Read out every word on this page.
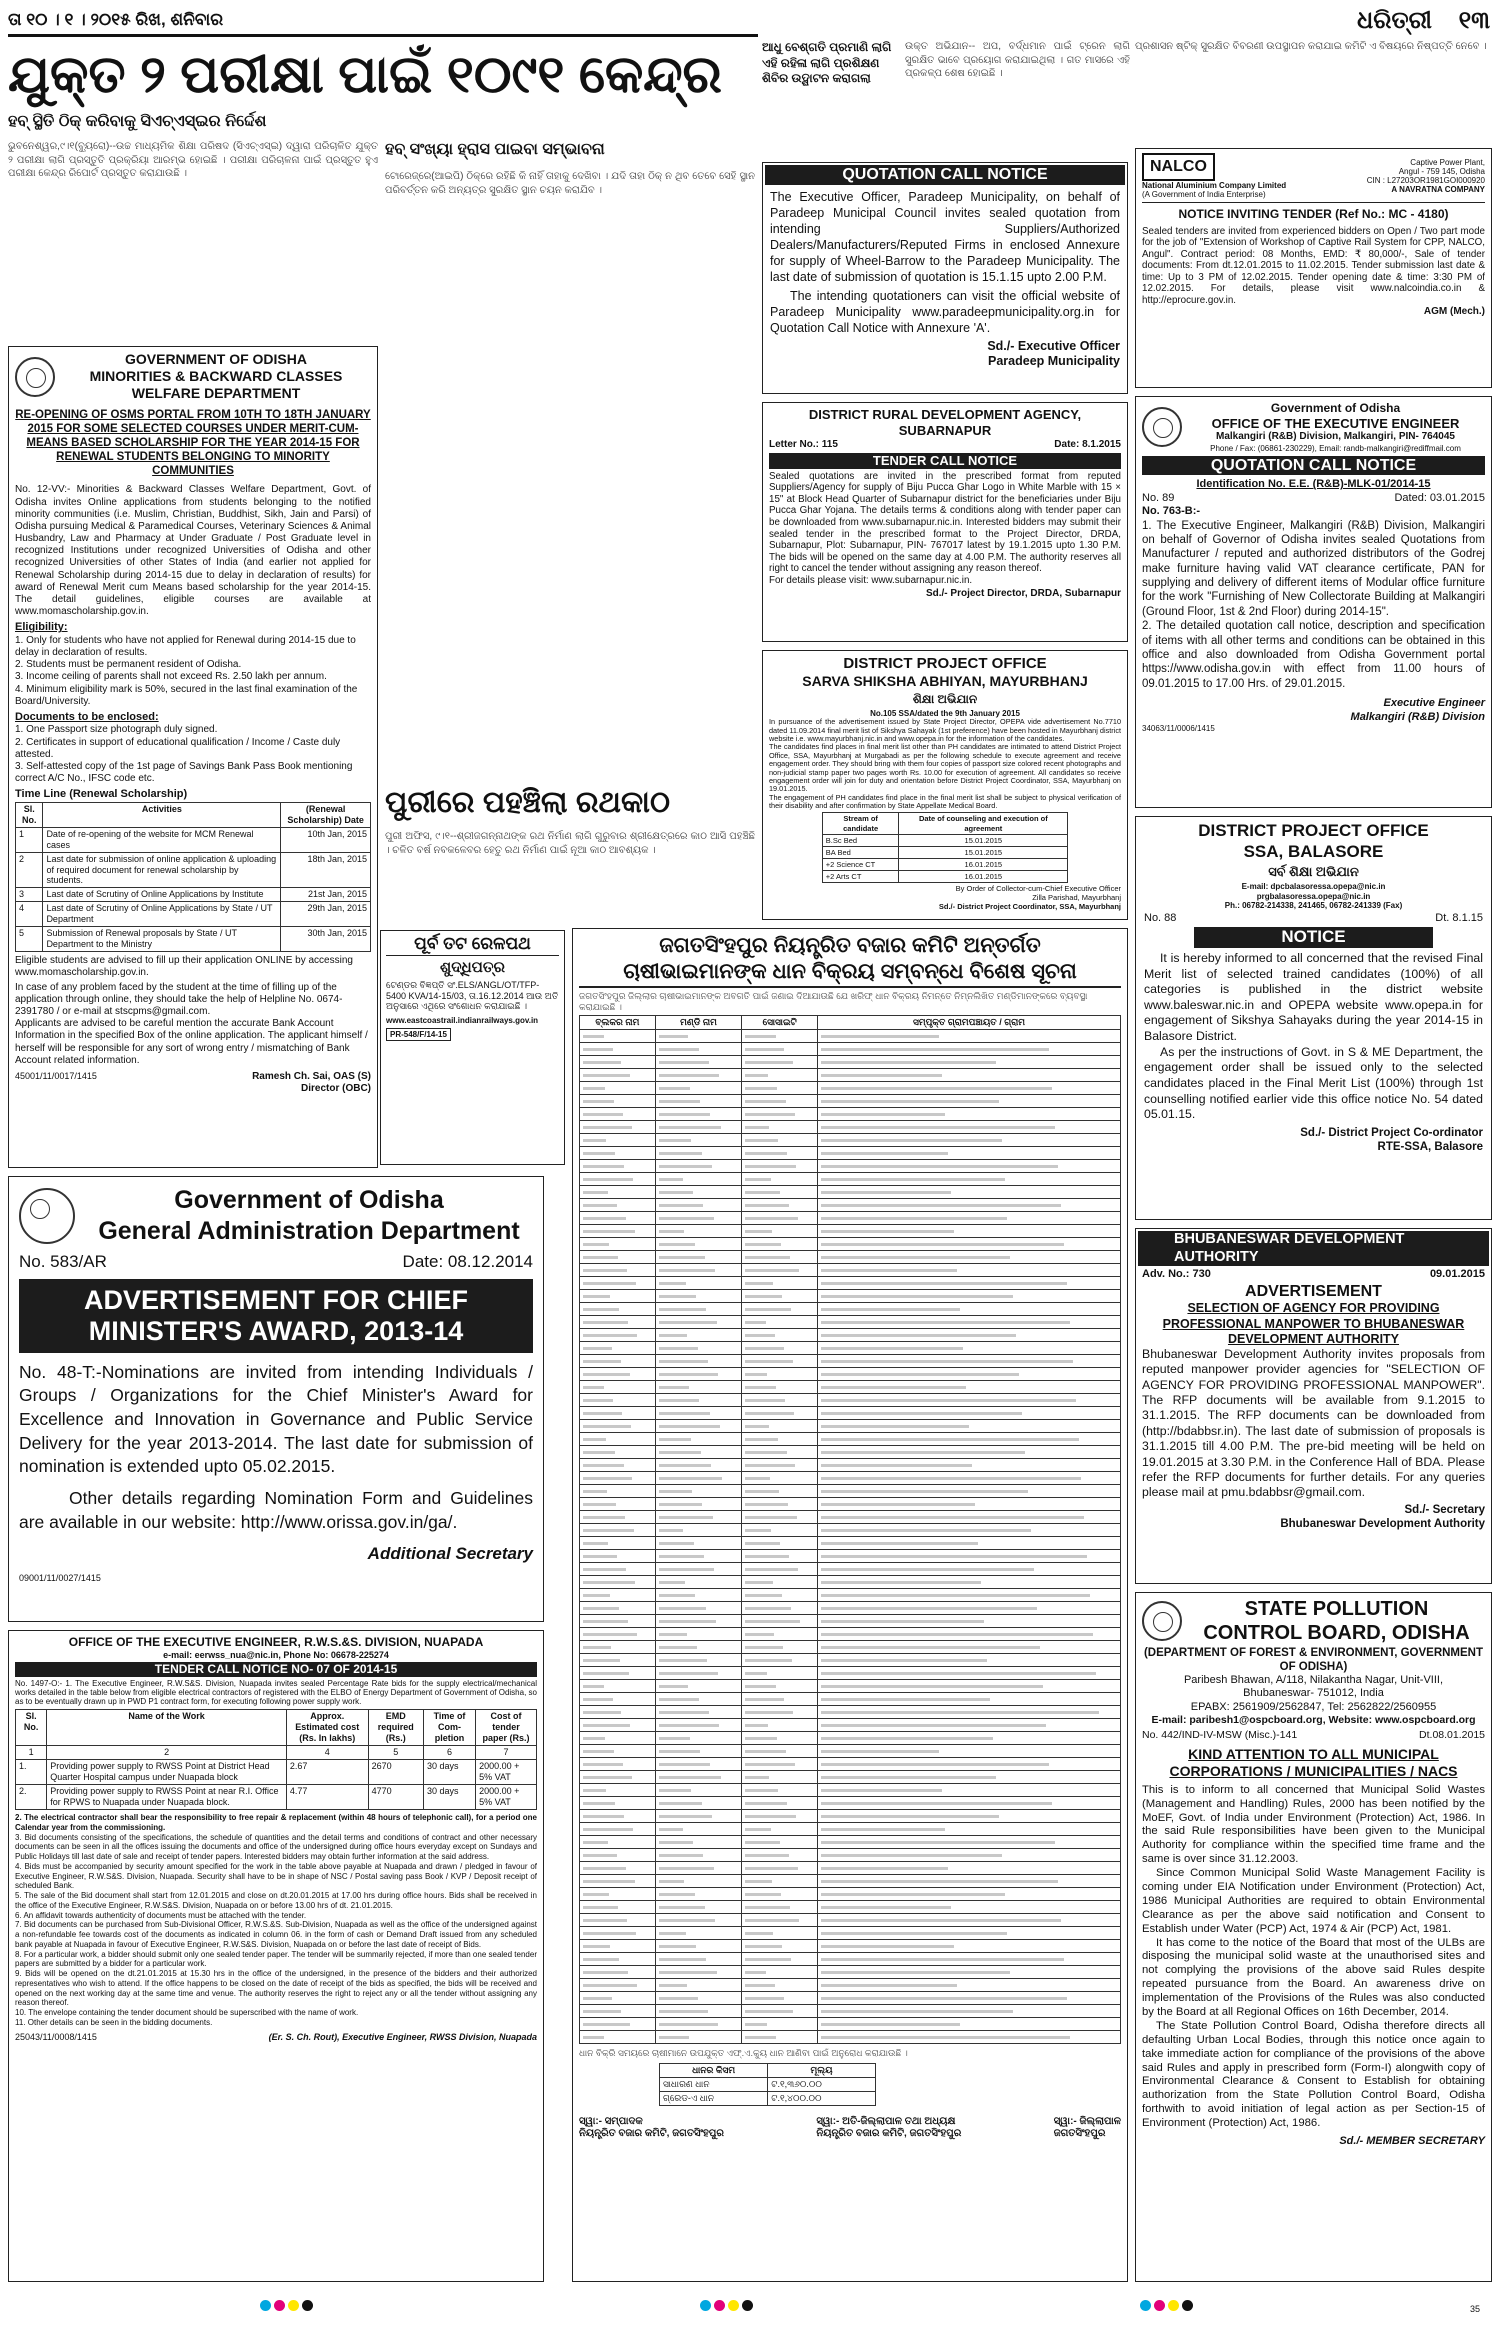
ତା ୧୦ । ୧ । ୨୦୧୫ ରିଖ, ଶନିବାର	ଧରିତ୍ରୀ ୧୩
ଯୁକ୍ତ ୨ ପରୀକ୍ଷା ପାଇଁ ୧୦୯୧ କେନ୍ଦ୍ର
ହବ୍ ସ୍ଥିତି ଠିକ୍ କରିବାକୁ ସିଏଚ୍ଏସ୍ଇର ନିର୍ଦ୍ଦେଶ
ଭୁବନେଶ୍ୱର,୯।୧(ବ୍ୟୁରୋ)--ଉଚ୍ଚ ମାଧ୍ୟମିକ ଶିକ୍ଷା ପରିଷଦ (ସିଏଚ୍ଏସ୍ଇ) ଦ୍ୱାରା ପରିଚାଳିତ ଯୁକ୍ତ ୨ ପରୀକ୍ଷା ଲାଗି ପ୍ରସ୍ତୁତି ପ୍ରକ୍ରିୟା ଆରମ୍ଭ ହୋଇଛି । ପରୀକ୍ଷା ପରିଚାଳନା ପାଇଁ ପ୍ରସ୍ତୁତ ହୁଏ ପରୀକ୍ଷା କେନ୍ଦ୍ର ରିପୋର୍ଟ ପ୍ରସ୍ତୁତ କରାଯାଉଛି ।
ହବ୍ ସଂଖ୍ୟା ହ୍ରାସ ପାଇବା ସମ୍ଭାବନା
GOVERNMENT OF ODISHA
MINORITIES & BACKWARD CLASSES
WELFARE DEPARTMENT
RE-OPENING OF OSMS PORTAL FROM 10TH TO 18TH JANUARY 2015 FOR SOME SELECTED COURSES UNDER MERIT-CUM-MEANS BASED SCHOLARSHIP FOR THE YEAR 2014-15 FOR RENEWAL STUDENTS BELONGING TO MINORITY COMMUNITIES
No. 12-VV:- Minorities & Backward Classes Welfare Department, Govt. of Odisha invites Online applications from students belonging to the notified minority communities (i.e. Muslim, Christian, Buddhist, Sikh, Jain and Parsi) of Odisha pursuing Medical & Paramedical Courses, Veterinary Sciences & Animal Husbandry, Law and Pharmacy at Under Graduate / Post Graduate level in recognized Institutions under recognized Universities of Odisha and other recognized Universities of other States of India (and earlier not applied for Renewal Scholarship during 2014-15 due to delay in declaration of results) for award of Renewal Merit cum Means based scholarship for the year 2014-15. The detail guidelines, eligible courses are available at www.momascholarship.gov.in.
Eligibility:
1. Only for students who have not applied for Renewal during 2014-15 due to delay in declaration of results.
2. Students must be permanent resident of Odisha.
3. Income ceiling of parents shall not exceed Rs. 2.50 lakh per annum.
4. Minimum eligibility mark is 50%, secured in the last final examination of the Board/University.
Documents to be enclosed:
1. One Passport size photograph duly signed.
2. Certificates in support of educational qualification / Income / Caste duly attested.
3. Self-attested copy of the 1st page of Savings Bank Pass Book mentioning correct A/C No., IFSC code etc.
Time Line (Renewal Scholarship)
Sl. No.	Activities	(Renewal Scholarship) Date
1	Date of re-opening of the website for MCM Renewal cases	10th Jan, 2015
2	Last date for submission of online application & uploading of required document for renewal scholarship by students.	18th Jan, 2015
3	Last date of Scrutiny of Online Applications by Institute	21st Jan, 2015
4	Last date of Scrutiny of Online Applications by State / UT Department	29th Jan, 2015
5	Submission of Renewal proposals by State / UT Department to the Ministry	30th Jan, 2015
Eligible students are advised to fill up their application ONLINE by accessing www.momascholarship.gov.in.
In case of any problem faced by the student at the time of filling up of the application through online, they should take the help of Helpline No. 0674-2391780 / or e-mail at stscpms@gmail.com.
Applicants are advised to be careful mention the accurate Bank Account Information in the specified Box of the online application. The applicant himself / herself will be responsible for any sort of wrong entry / mismatching of Bank Account related information.
45001/11/0017/1415	Ramesh Ch. Sai, OAS (S)
Director (OBC)
ଟୋରେଜ୍‌ରେ(ଆଇପି) ଠିକ୍‌ରେ ରହିଛି କି ନାହିଁ ତାହାକୁ ଦେଖିବା । ଯଦି ତାହା ଠିକ୍ ନ ଥିବ ତେବେ ସେହି ସ୍ଥାନ ପରିବର୍ତ୍ତନ କରି ଅନ୍ୟତ୍ର ସୁରକ୍ଷିତ ସ୍ଥାନ ଚୟନ କରାଯିବ ।
ପୁରୀରେ ପହଞ୍ଚିଲା ରଥକାଠ
ପୁରୀ ଅଫିସ, ୯।୧--ଶ୍ରୀଜଗନ୍ନାଥଙ୍କ ରଥ ନିର୍ମାଣ ଲାଗି ଗୁରୁବାର ଶ୍ରୀକ୍ଷେତ୍ରରେ କାଠ ଆସି ପହଞ୍ଚିଛି । ଚଳିତ ବର୍ଷ ନବକଳେବର ହେତୁ ରଥ ନିର୍ମାଣ ପାଇଁ ନୂଆ କାଠ ଆବଶ୍ୟକ ।
Government of Odisha
General Administration Department
No. 583/AR	Date: 08.12.2014
ADVERTISEMENT FOR CHIEF MINISTER'S AWARD, 2013-14
No. 48-T:-Nominations are invited from intending Individuals / Groups / Organizations for the Chief Minister's Award for Excellence and Innovation in Governance and Public Service Delivery for the year 2013-2014. The last date for submission of nomination is extended upto 05.02.2015.
Other details regarding Nomination Form and Guidelines are available in our website: http://www.orissa.gov.in/ga/.
Additional Secretary
09001/11/0027/1415
OFFICE OF THE EXECUTIVE ENGINEER, R.W.S.&S. DIVISION, NUAPADA
e-mail: eerwss_nua@nic.in, Phone No: 06678-225274
TENDER CALL NOTICE NO- 07 OF 2014-15
No. 1497-O:- 1. The Executive Engineer, R.W.S&S. Division, Nuapada invites sealed Percentage Rate bids for the supply electrical/mechanical works detailed in the table below from eligible electrical contractors of registered with the ELBO of Energy Department of Government of Odisha, so as to be eventually drawn up in PWD P1 contract form, for executing following power supply work.
Sl. No.	Name of the Work	Approx. Estimated cost (Rs. In lakhs)	EMD required (Rs.)	Time of Com-pletion	Cost of tender paper (Rs.)
1	2	4	5	6	7
1.	Providing power supply to RWSS Point at District Head Quarter Hospital campus under Nuapada block	2.67	2670	30 days	2000.00 + 5% VAT
2.	Providing power supply to RWSS Point at near R.I. Office for RPWS to Nuapada under Nuapada block.	4.77	4770	30 days	2000.00 + 5% VAT
2. The electrical contractor shall bear the responsibility to free repair & replacement (within 48 hours of telephonic call), for a period one Calendar year from the commissioning.
3. Bid documents consisting of the specifications, the schedule of quantities and the detail terms and conditions of contract and other necessary documents can be seen in all the offices issuing the documents and office of the undersigned during office hours everyday except on Sundays and Public Holidays till last date of sale and receipt of tender papers. Interested bidders may obtain further information at the said address.
4. Bids must be accompanied by security amount specified for the work in the table above payable at Nuapada and drawn / pledged in favour of Executive Engineer, R.W.S&S. Division, Nuapada. Security shall have to be in shape of NSC / Postal saving pass Book / KVP / Deposit receipt of scheduled Bank.
5. The sale of the Bid document shall start from 12.01.2015 and close on dt.20.01.2015 at 17.00 hrs during office hours. Bids shall be received in the office of the Executive Engineer, R.W.S&S. Division, Nuapada on or before 13.00 hrs of dt. 21.01.2015.
6. An affidavit towards authenticity of documents must be attached with the tender.
7. Bid documents can be purchased from Sub-Divisional Officer, R.W.S.&S. Sub-Division, Nuapada as well as the office of the undersigned against a non-refundable fee towards cost of the documents as indicated in column 06. in the form of cash or Demand Draft issued from any scheduled bank payable at Nuapada in favour of Executive Engineer, R.W.S&S. Division, Nuapada on or before the last date of receipt of Bids.
8. For a particular work, a bidder should submit only one sealed tender paper. The tender will be summarily rejected, if more than one sealed tender papers are submitted by a bidder for a particular work.
9. Bids will be opened on the dt.21.01.2015 at 15.30 hrs in the office of the undersigned, in the presence of the bidders and their authorized representatives who wish to attend. If the office happens to be closed on the date of receipt of the bids as specified, the bids will be received and opened on the next working day at the same time and venue. The authority reserves the right to reject any or all the tender without assigning any reason thereof.
10. The envelope containing the tender document should be superscribed with the name of work.
11. Other details can be seen in the bidding documents.
25043/11/0008/1415	(Er. S. Ch. Rout), Executive Engineer, RWSS Division, Nuapada
ଆଧୁ ବେଶ୍ଗତି ପ୍ରମାଣି ଲାଗି ଏହି ରହିଳା ଲାଗି ପ୍ରଶିକ୍ଷଣ ଶିବିର ଉଦ୍ଘାଟନ କରାଗଲା
ଉକ୍ତ ଅଭିଯାନ-- ଅପ, ବର୍ଦ୍ଧମାନ ପାଇଁ ଟ୍ରେନ ଲାଗି ସୁରକ୍ଷିତ ଭାବେ ପ୍ରୟୋଗ କରାଯାଇଥିଲା । ଗତ ମାସରେ ଏହି ପ୍ରକଳ୍ପ ଶେଷ ହୋଇଛି ।
QUOTATION CALL NOTICE
The Executive Officer, Paradeep Municipality, on behalf of Paradeep Municipal Council invites sealed quotation from intending Suppliers/Authorized Dealers/Manufacturers/Reputed Firms in enclosed Annexure for supply of Wheel-Barrow to the Paradeep Municipality. The last date of submission of quotation is 15.1.15 upto 2.00 P.M.
The intending quotationers can visit the official website of Paradeep Municipality www.paradeepmunicipality.org.in for Quotation Call Notice with Annexure 'A'.
Sd./- Executive Officer
Paradeep Municipality
DISTRICT RURAL DEVELOPMENT AGENCY, SUBARNAPUR
Letter No.: 115	Date: 8.1.2015
TENDER CALL NOTICE
Sealed quotations are invited in the prescribed format from reputed Suppliers/Agency for supply of Biju Pucca Ghar Logo in White Marble with 15 × 15" at Block Head Quarter of Subarnapur district for the beneficiaries under Biju Pucca Ghar Yojana. The details terms & conditions along with tender paper can be downloaded from www.subarnapur.nic.in. Interested bidders may submit their sealed tender in the prescribed format to the Project Director, DRDA, Subarnapur, Plot: Subarnapur, PIN- 767017 latest by 19.1.2015 upto 1.30 P.M. The bids will be opened on the same day at 4.00 P.M. The authority reserves all right to cancel the tender without assigning any reason thereof.
For details please visit: www.subarnapur.nic.in.
Sd./- Project Director, DRDA, Subarnapur
DISTRICT PROJECT OFFICE
SARVA SHIKSHA ABHIYAN, MAYURBHANJ
ଶିକ୍ଷା ଅଭିଯାନ
No.105 SSA/dated the 9th January 2015
In pursuance of the advertisement issued by State Project Director, OPEPA vide advertisement No.7710 dated 11.09.2014 final merit list of Sikshya Sahayak (1st preference) have been hosted in Mayurbhanj district website i.e. www.mayurbhanj.nic.in and www.opepa.in for the information of the candidates.
The candidates find places in final merit list other than PH candidates are intimated to attend District Project Office, SSA, Mayurbhanj at Murgabadi as per the following schedule to execute agreement and receive engagement order. They should bring with them four copies of passport size colored recent photographs and non-judicial stamp paper two pages worth Rs. 10.00 for execution of agreement. All candidates so receive engagement order will join for duty and orientation before District Project Coordinator, SSA, Mayurbhanj on 19.01.2015.
The engagement of PH candidates find place in the final merit list shall be subject to physical verification of their disability and after confirmation by State Appellate Medical Board.
Stream of candidate	Date of counseling and execution of agreement
B.Sc Bed	15.01.2015
BA Bed	15.01.2015
+2 Science CT	16.01.2015
+2 Arts CT	16.01.2015
By Order of Collector-cum-Chief Executive Officer
Zilla Parishad, Mayurbhanj
Sd./- District Project Coordinator, SSA, Mayurbhanj
ପୂର୍ବ ତଟ ରେଳପଥ
ଶୁଦ୍ଧିପତ୍ର
ଟେଣ୍ଡର ବିଜ୍ଞପ୍ତି ସଂ.ELS/ANGL/OT/TFP-5400 KVA/14-15/03, ତା.16.12.2014 ଆଉ ଅତି ଅନୁସାରେ ଏଥିରେ ସଂଶୋଧନ କରାଯାଇଛି ।
www.eastcoastrail.indianrailways.gov.in
PR-548/F/14-15
ଜଗତସିଂହପୁର ନିୟନ୍ତ୍ରିତ ବଜାର କମିଟି ଅନ୍ତର୍ଗତ
ଚାଷୀଭାଇମାନଙ୍କ ଧାନ ବିକ୍ରୟ ସମ୍ବନ୍ଧେ ବିଶେଷ ସୂଚନା
ଜଗତସିଂହପୁର ଜିଲ୍ଲାର ଚାଷୀଭାଇମାନଙ୍କ ଅବଗତି ପାଇଁ ଜଣାଇ ଦିଆଯାଉଛି ଯେ ଖରିଫ୍ ଧାନ ବିକ୍ରୟ ନିମନ୍ତେ ନିମ୍ନଲିଖିତ ମଣ୍ଡିମାନଙ୍କରେ ବ୍ୟବସ୍ଥା କରାଯାଇଛି ।
ବ୍ଲକର ନାମ	ମଣ୍ଡି ନାମ	ସୋସାଇଟି	ସମ୍ପୃକ୍ତ ଗ୍ରାମପଞ୍ଚାୟତ / ଗ୍ରାମ

ଧାନ ବିକ୍ରି ସମୟରେ ଚାଷୀମାନେ ଉପଯୁକ୍ତ ଏଫ୍.ଏ.କ୍ୟୁ ଧାନ ଆଣିବା ପାଇଁ ଅନୁରୋଧ କରାଯାଉଛି ।
ଧାନର କିସମ	ମୂଲ୍ୟ
ସାଧାରଣ ଧାନ	ଟ.୧,୩୬୦.୦୦
ଗ୍ରେଡ-ଏ ଧାନ	ଟ.୧,୪୦୦.୦୦
ସ୍ୱା:- ସମ୍ପାଦକ
ନିୟନ୍ତ୍ରିତ ବଜାର କମିଟି, ଜଗତସିଂହପୁର
ସ୍ୱା:- ଅତି-ଜିଲ୍ଲାପାଳ ତଥା ଅଧ୍ୟକ୍ଷ
ନିୟନ୍ତ୍ରିତ ବଜାର କମିଟି, ଜଗତସିଂହପୁର
ସ୍ୱା:- ଜିଲ୍ଲାପାଳ
ଜଗତସିଂହପୁର
ପ୍ରଶାସନ ଷ୍ଟିକ୍ ସୁରକ୍ଷିତ ବିବରଣୀ ଉପସ୍ଥାପନ କରାଯାଇ କମିଟି ଏ ବିଷୟରେ ନିଷ୍ପତ୍ତି ନେବେ ।
NALCO
National Aluminium Company Limited
(A Government of India Enterprise)
Captive Power Plant,
Angul - 759 145, Odisha
CIN : L27203OR1981GOI000920
A NAVRATNA COMPANY
NOTICE INVITING TENDER (Ref No.: MC - 4180)
Sealed tenders are invited from experienced bidders on Open / Two part mode for the job of "Extension of Workshop of Captive Rail System for CPP, NALCO, Angul". Contract period: 08 Months, EMD: ₹ 80,000/-, Sale of tender documents: From dt.12.01.2015 to 11.02.2015. Tender submission last date & time: Up to 3 PM of 12.02.2015. Tender opening date & time: 3:30 PM of 12.02.2015. For details, please visit www.nalcoindia.co.in & http://eprocure.gov.in.
AGM (Mech.)
Government of Odisha
OFFICE OF THE EXECUTIVE ENGINEER
Malkangiri (R&B) Division, Malkangiri, PIN- 764045
Phone / Fax: (06861-230229), Email: randb-malkangiri@rediffmail.com
QUOTATION CALL NOTICE
Identification No. E.E. (R&B)-MLK-01/2014-15
No. 89	Dated: 03.01.2015
No. 763-B:-
1. The Executive Engineer, Malkangiri (R&B) Division, Malkangiri on behalf of Governor of Odisha invites sealed Quotations from Manufacturer / reputed and authorized distributors of the Godrej make furniture having valid VAT clearance certificate, PAN for supplying and delivery of different items of Modular office furniture for the work "Furnishing of New Collectorate Building at Malkangiri (Ground Floor, 1st & 2nd Floor) during 2014-15".
2. The detailed quotation call notice, description and specification of items with all other terms and conditions can be obtained in this office and also downloaded from Odisha Government portal https://www.odisha.gov.in with effect from 11.00 hours of 09.01.2015 to 17.00 Hrs. of 29.01.2015.
Executive Engineer
Malkangiri (R&B) Division
34063/11/0006/1415
DISTRICT PROJECT OFFICE
SSA, BALASORE
ସର୍ବ ଶିକ୍ଷା ଅଭିଯାନ
E-mail: dpcbalasoressa.opepa@nic.in
prgbalasoressa.opepa@nic.in
Ph.: 06782-214338, 241465, 06782-241339 (Fax)
No. 88	Dt. 8.1.15
NOTICE
It is hereby informed to all concerned that the revised Final Merit list of selected trained candidates (100%) of all categories is published in the district website www.baleswar.nic.in and OPEPA website www.opepa.in for engagement of Sikshya Sahayaks during the year 2014-15 in Balasore District.
As per the instructions of Govt. in S & ME Department, the engagement order shall be issued only to the selected candidates placed in the Final Merit List (100%) through 1st counselling notified earlier vide this office notice No. 54 dated 05.01.15.
Sd./- District Project Co-ordinator
RTE-SSA, Balasore
BHUBANESWAR DEVELOPMENT AUTHORITY
Adv. No.: 730	09.01.2015
ADVERTISEMENT
SELECTION OF AGENCY FOR PROVIDING PROFESSIONAL MANPOWER TO BHUBANESWAR DEVELOPMENT AUTHORITY
Bhubaneswar Development Authority invites proposals from reputed manpower provider agencies for "SELECTION OF AGENCY FOR PROVIDING PROFESSIONAL MANPOWER". The RFP documents will be available from 9.1.2015 to 31.1.2015. The RFP documents can be downloaded from (http://bdabbsr.in). The last date of submission of proposals is 31.1.2015 till 4.00 P.M. The pre-bid meeting will be held on 19.01.2015 at 3.30 P.M. in the Conference Hall of BDA. Please refer the RFP documents for further details. For any queries please mail at pmu.bdabbsr@gmail.com.
Sd./- Secretary
Bhubaneswar Development Authority
STATE POLLUTION
CONTROL BOARD, ODISHA
(DEPARTMENT OF FOREST & ENVIRONMENT, GOVERNMENT OF ODISHA)
Paribesh Bhawan, A/118, Nilakantha Nagar, Unit-VIII,
Bhubaneswar- 751012, India
EPABX: 2561909/2562847, Tel: 2562822/2560955
E-mail: paribesh1@ospcboard.org, Website: www.ospcboard.org
No. 442/IND-IV-MSW (Misc.)-141	Dt.08.01.2015
KIND ATTENTION TO ALL MUNICIPAL CORPORATIONS / MUNICIPALITIES / NACS
This is to inform to all concerned that Municipal Solid Wastes (Management and Handling) Rules, 2000 has been notified by the MoEF, Govt. of India under Environment (Protection) Act, 1986. In the said Rule responsibilities have been given to the Municipal Authority for compliance within the specified time frame and the same is over since 31.12.2003.
Since Common Municipal Solid Waste Management Facility is coming under EIA Notification under Environment (Protection) Act, 1986 Municipal Authorities are required to obtain Environmental Clearance as per the above said notification and Consent to Establish under Water (PCP) Act, 1974 & Air (PCP) Act, 1981.
It has come to the notice of the Board that most of the ULBs are disposing the municipal solid waste at the unauthorised sites and not complying the provisions of the above said Rules despite repeated pursuance from the Board. An awareness drive on implementation of the Provisions of the Rules was also conducted by the Board at all Regional Offices on 16th December, 2014.
The State Pollution Control Board, Odisha therefore directs all defaulting Urban Local Bodies, through this notice once again to take immediate action for compliance of the provisions of the above said Rules and apply in prescribed form (Form-I) alongwith copy of Environmental Clearance & Consent to Establish for obtaining authorization from the State Pollution Control Board, Odisha forthwith to avoid initiation of legal action as per Section-15 of Environment (Protection) Act, 1986.
Sd./- MEMBER SECRETARY
35
